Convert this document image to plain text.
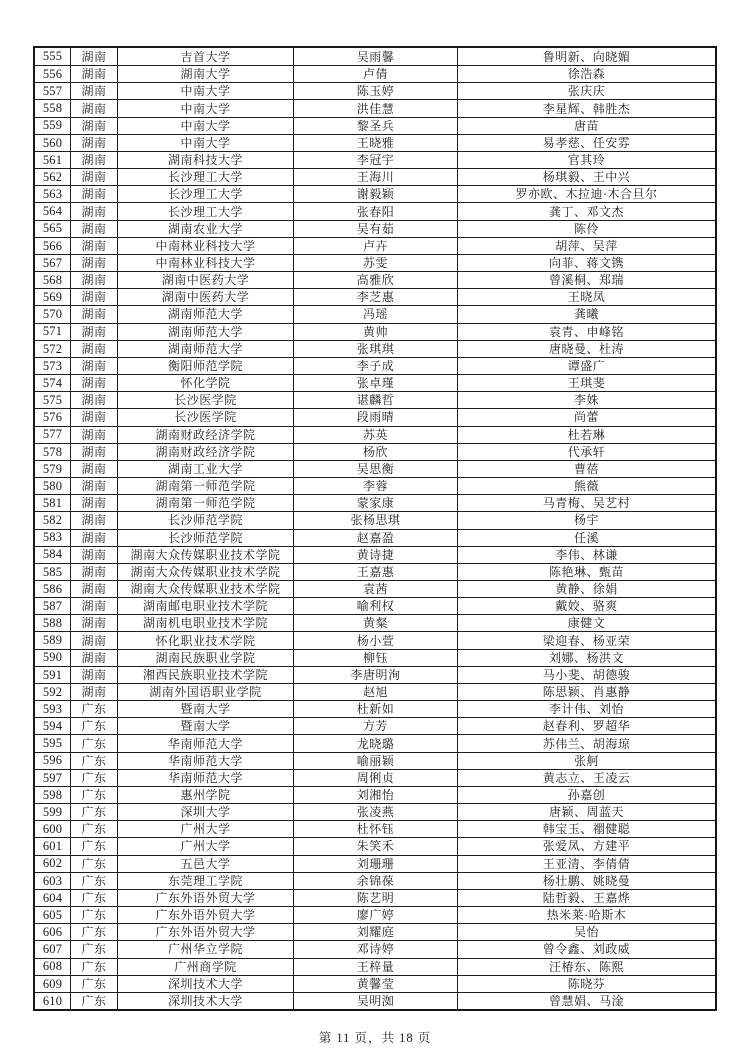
555	湖南	吉首大学	吴雨馨	鲁明新、向晓媚
556	湖南	湖南大学	卢倩	徐浩森
557	湖南	中南大学	陈玉婷	张庆庆
558	湖南	中南大学	洪佳慧	李星辉、韩胜杰
559	湖南	中南大学	黎圣兵	唐苗
560	湖南	中南大学	王晓雅	易孝慈、任安雰
561	湖南	湖南科技大学	李冠宇	官其玲
562	湖南	长沙理工大学	王海川	杨琪毅、王中兴
563	湖南	长沙理工大学	谢毅颖	罗亦欧、木拉迪·木合旦尔
564	湖南	长沙理工大学	张春阳	龚丁、邓文杰
565	湖南	湖南农业大学	吴有茹	陈伶
566	湖南	中南林业科技大学	卢卉	胡萍、吴萍
567	湖南	中南林业科技大学	苏雯	向菲、蒋文镌
568	湖南	湖南中医药大学	高雅欣	曾溪桐、郑瑞
569	湖南	湖南中医药大学	李芝惠	王晓凤
570	湖南	湖南师范大学	冯瑶	龚曦
571	湖南	湖南师范大学	黄帅	袁青、申峰铭
572	湖南	湖南师范大学	张琪琪	唐晓曼、杜涛
573	湖南	衡阳师范学院	李子成	谭盛广
574	湖南	怀化学院	张卓瑾	王琪斐
575	湖南	长沙医学院	谌麟哲	李姝
576	湖南	长沙医学院	段雨晴	尚蕾
577	湖南	湖南财政经济学院	苏英	杜若琳
578	湖南	湖南财政经济学院	杨欣	代承轩
579	湖南	湖南工业大学	吴思衡	曹蓓
580	湖南	湖南第一师范学院	李蓉	熊薇
581	湖南	湖南第一师范学院	蒙家康	马青梅、吴艺村
582	湖南	长沙师范学院	张杨思琪	杨宇
583	湖南	长沙师范学院	赵嘉盈	任溪
584	湖南	湖南大众传媒职业技术学院	黄诗捷	李伟、林谦
585	湖南	湖南大众传媒职业技术学院	王嘉惠	陈艳琳、甄苗
586	湖南	湖南大众传媒职业技术学院	袁茜	黄静、徐娟
587	湖南	湖南邮电职业技术学院	喻利权	戴姣、骆爽
588	湖南	湖南机电职业技术学院	黄粲	康健文
589	湖南	怀化职业技术学院	杨小萱	梁迎春、杨亚荣
590	湖南	湖南民族职业学院	柳钰	刘娜、杨洪文
591	湖南	湘西民族职业技术学院	李唐明洵	马小斐、胡德骏
592	湖南	湖南外国语职业学院	赵旭	陈思颖、肖惠静
593	广东	暨南大学	杜新如	李计伟、刘怡
594	广东	暨南大学	方芳	赵春利、罗超华
595	广东	华南师范大学	龙晓璐	苏伟兰、胡海琼
596	广东	华南师范大学	喻丽颖	张舸
597	广东	华南师范大学	周俐贞	黄志立、王凌云
598	广东	惠州学院	刘湘怡	孙嘉创
599	广东	深圳大学	张凌燕	唐颖、周蓝天
600	广东	广州大学	杜怀钰	韩宝玉、禤健聪
601	广东	广州大学	朱笑禾	张爱凤、方建平
602	广东	五邑大学	刘珊珊	王亚清、李倩倩
603	广东	东莞理工学院	余锦葆	杨壮鹏、姚晓曼
604	广东	广东外语外贸大学	陈艺明	陆哲毅、王嘉烨
605	广东	广东外语外贸大学	廖广婷	热米莱·哈斯木
606	广东	广东外语外贸大学	刘耀庭	吴怡
607	广东	广州华立学院	邓诗婷	曾令鑫、刘政威
608	广东	广州商学院	王梓量	汪椿东、陈熙
609	广东	深圳技术大学	黄馨莹	陈晓芬
610	广东	深圳技术大学	吴明洳	曾慧娟、马淦
第 11 页，共 18 页
